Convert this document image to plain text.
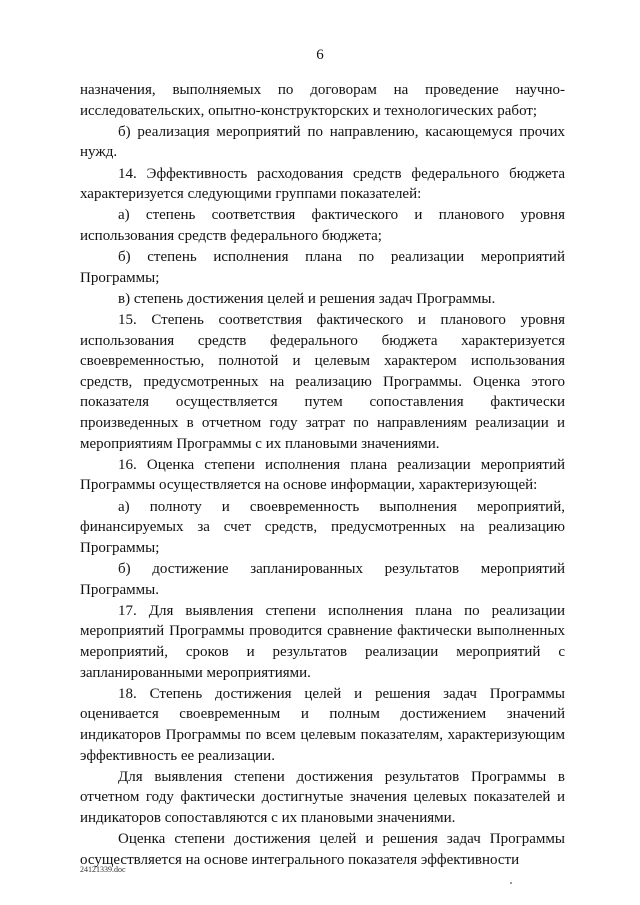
6

назначения, выполняемых по договорам на проведение научно-исследовательских, опытно-конструкторских и технологических работ;

б) реализация мероприятий по направлению, касающемуся прочих нужд.

14. Эффективность расходования средств федерального бюджета характеризуется следующими группами показателей:

а) степень соответствия фактического и планового уровня использования средств федерального бюджета;

б) степень исполнения плана по реализации мероприятий Программы;

в) степень достижения целей и решения задач Программы.

15. Степень соответствия фактического и планового уровня использования средств федерального бюджета характеризуется своевременностью, полнотой и целевым характером использования средств, предусмотренных на реализацию Программы. Оценка этого показателя осуществляется путем сопоставления фактически произведенных в отчетном году затрат по направлениям реализации и мероприятиям Программы с их плановыми значениями.

16. Оценка степени исполнения плана реализации мероприятий Программы осуществляется на основе информации, характеризующей:

а) полноту и своевременность выполнения мероприятий, финансируемых за счет средств, предусмотренных на реализацию Программы;

б) достижение запланированных результатов мероприятий Программы.

17. Для выявления степени исполнения плана по реализации мероприятий Программы проводится сравнение фактически выполненных мероприятий, сроков и результатов реализации мероприятий с запланированными мероприятиями.

18. Степень достижения целей и решения задач Программы оценивается своевременным и полным достижением значений индикаторов Программы по всем целевым показателям, характеризующим эффективность ее реализации.

Для выявления степени достижения результатов Программы в отчетном году фактически достигнутые значения целевых показателей и индикаторов сопоставляются с их плановыми значениями.

Оценка степени достижения целей и решения задач Программы осуществляется на основе интегрального показателя эффективности

24121339.doc
